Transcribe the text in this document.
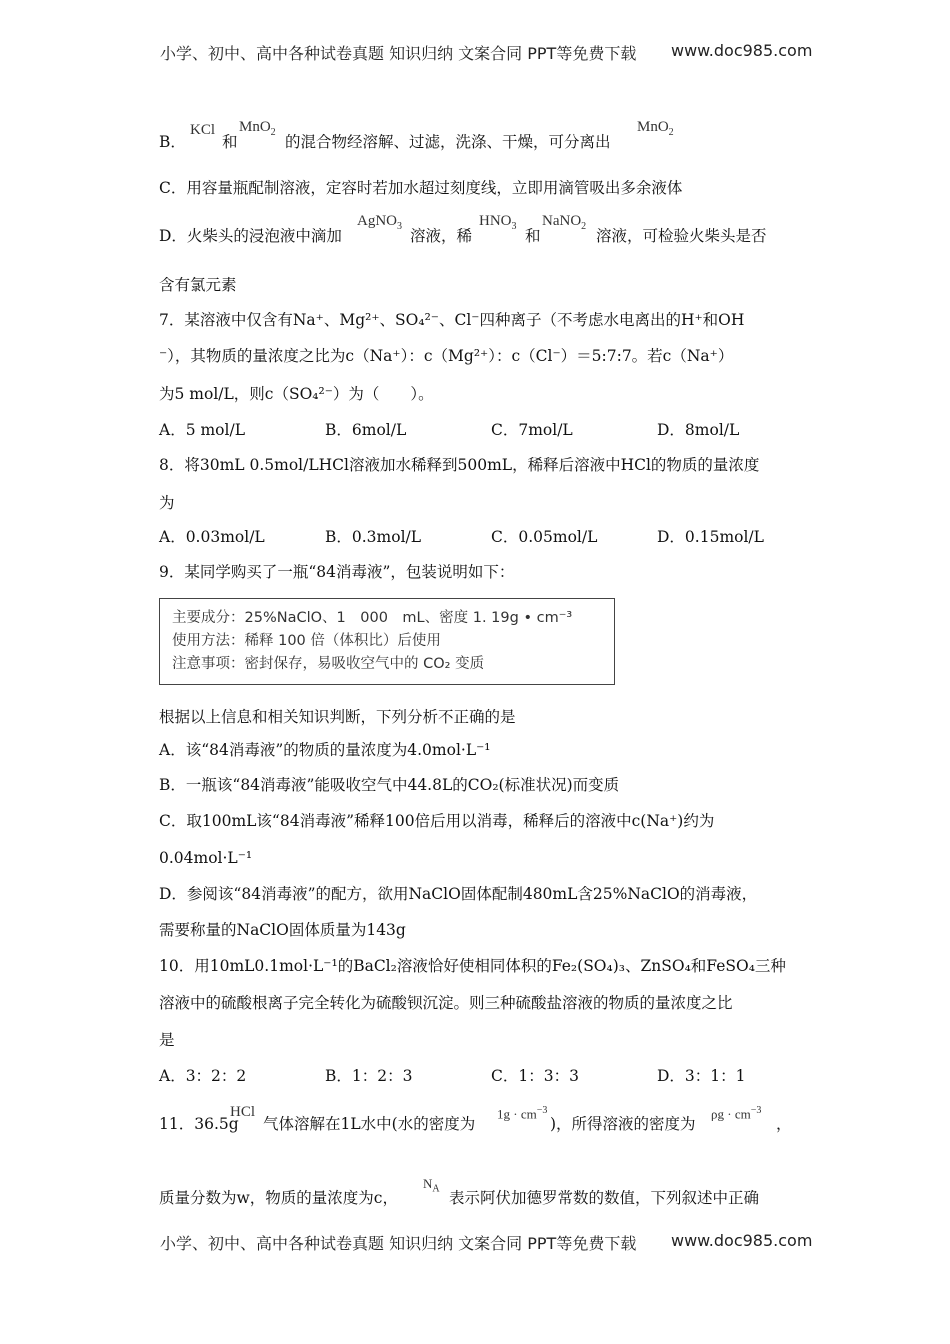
小学、初中、高中各种试卷真题 知识归纳 文案合同 PPT等免费下载 www.doc985.com
B．
KCl
和
MnO$_2$
的混合物经溶解、过滤，洗涤、干燥，可分离出
MnO$_2$
C．用容量瓶配制溶液，定容时若加水超过刻度线，立即用滴管吸出多余液体
D．火柴头的浸泡液中滴加
AgNO$_3$
溶液，稀
$HNO_3$
和
NaNO$_2$
溶液，可检验火柴头是否
含有氯元素
7．某溶液中仅含有Na⁺、Mg²⁺、SO₄²⁻、Cl⁻四种离子（不考虑水电离出的H⁺和OH
⁻），其物质的量浓度之比为c（Na⁺）：c（Mg²⁺）：c（Cl⁻）＝5:7:7。若c（Na⁺）
为5 mol/L，则c（SO₄²⁻）为（　　）。
A．5 mol/L	B．6mol/L	C．7mol/L	D．8mol/L
8．将30mL 0.5mol/LHCl溶液加水稀释到500mL，稀释后溶液中HCl的物质的量浓度
为
A．0.03mol/L	B．0.3mol/L	C．0.05mol/L	D．0.15mol/L
9．某同学购买了一瓶“84消毒液”，包装说明如下：
主要成分：25%NaClO、1　000　mL、密度 1. 19g • cm⁻³
使用方法：稀释 100 倍（体积比）后使用
注意事项：密封保存，易吸收空气中的 CO₂ 变质
根据以上信息和相关知识判断，下列分析不正确的是
A．该“84消毒液”的物质的量浓度为4.0mol·L⁻¹
B．一瓶该“84消毒液”能吸收空气中44.8L的CO₂(标准状况)而变质
C．取100mL该“84消毒液”稀释100倍后用以消毒，稀释后的溶液中c(Na⁺)约为
0.04mol·L⁻¹
D．参阅该“84消毒液”的配方，欲用NaClO固体配制480mL含25%NaClO的消毒液，
需要称量的NaClO固体质量为143g
10．用10mL0.1mol·L⁻¹的BaCl₂溶液恰好使相同体积的Fe₂(SO₄)₃、ZnSO₄和FeSO₄三种
溶液中的硫酸根离子完全转化为硫酸钡沉淀。则三种硫酸盐溶液的物质的量浓度之比
是
A．3：2：2	B．1：2：3	C．1：3：3	D．3：1：1
11．36.5g
HCl
气体溶解在1L水中(水的密度为
$1g \cdot cm^{-3}$
)，所得溶液的密度为
$\rho g \cdot cm^{-3}$
，
质量分数为w，物质的量浓度为c，
$N_A$ 表示阿伏加德罗常数的数值，下列叙述中正确
小学、初中、高中各种试卷真题 知识归纳 文案合同 PPT等免费下载 www.doc985.com
